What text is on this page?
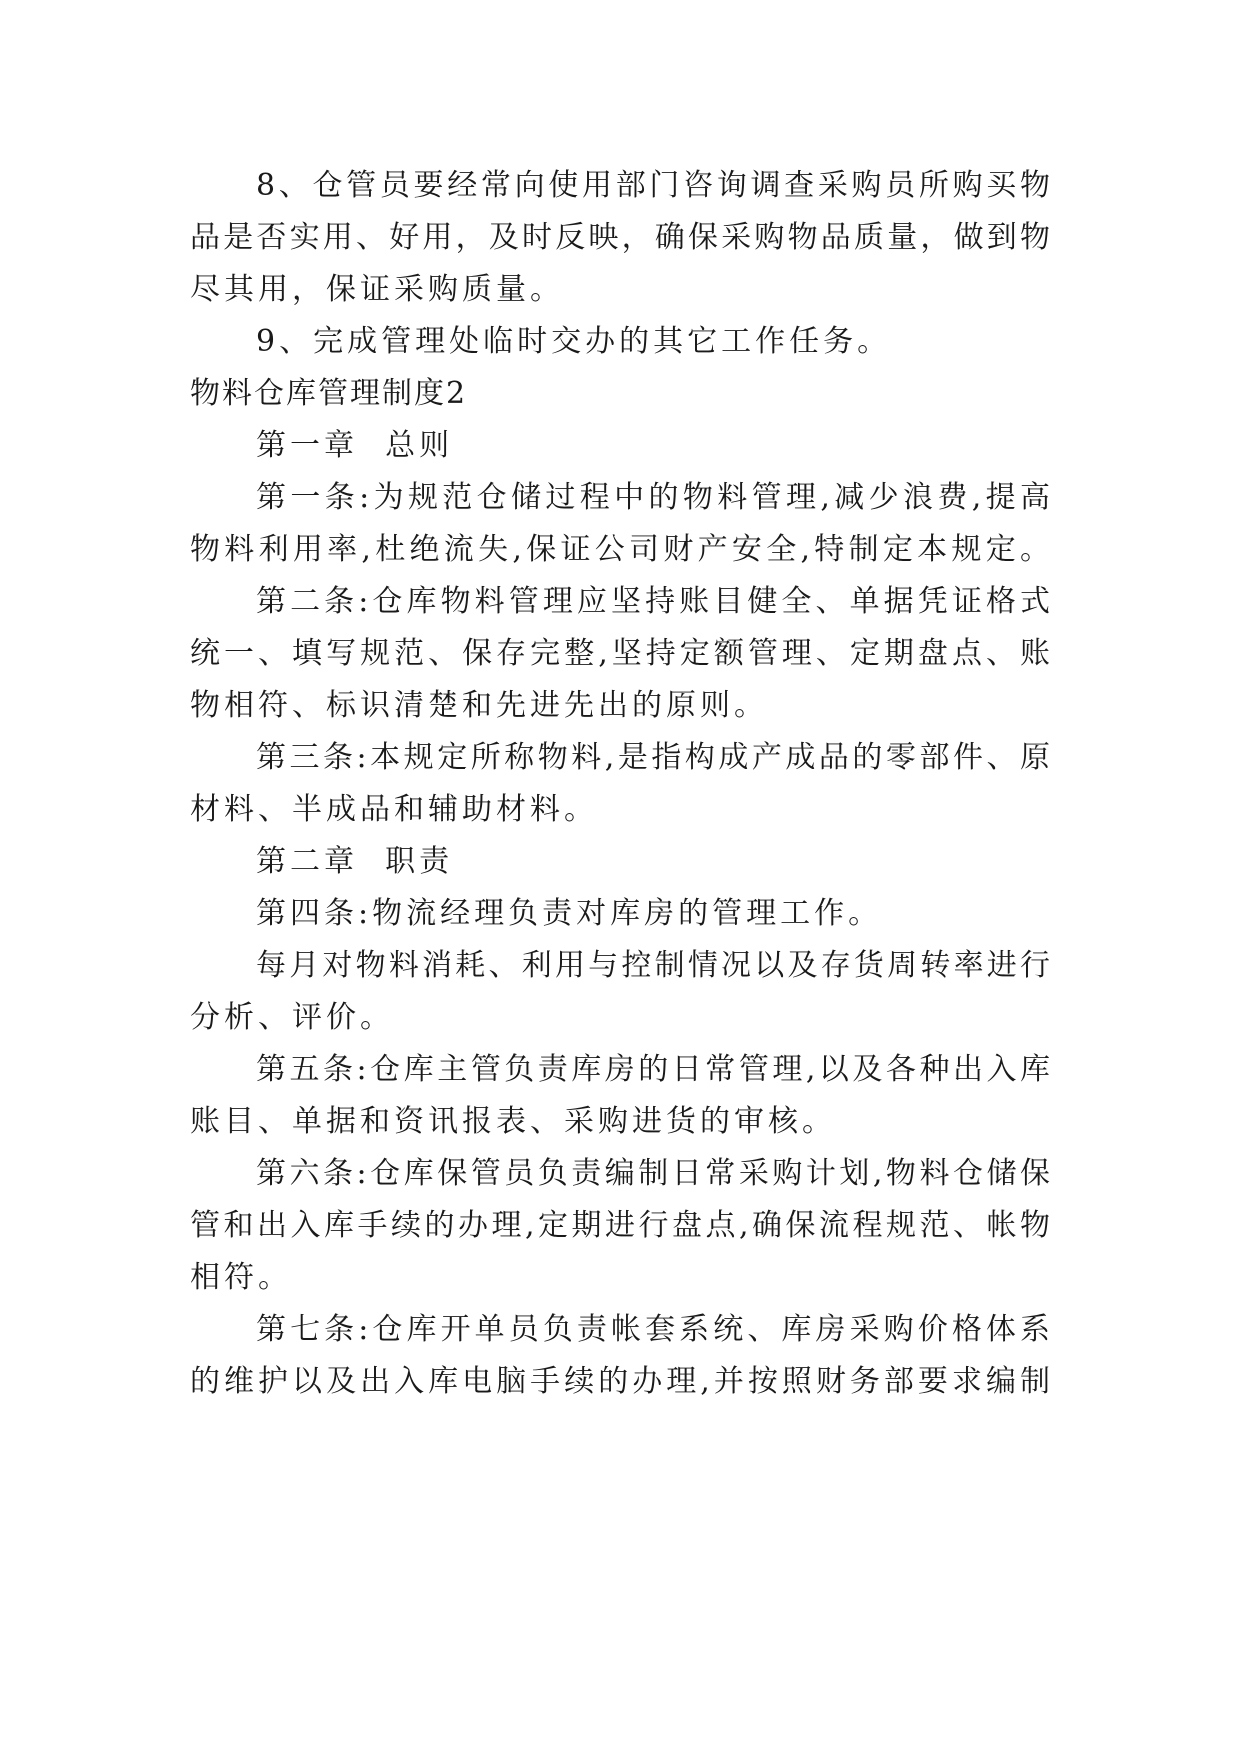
8、仓管员要经常向使用部门咨询调查采购员所购买物
品是否实用、好用，及时反映，确保采购物品质量，做到物
尽其用，保证采购质量。
9、完成管理处临时交办的其它工作任务。
物料仓库管理制度2
第一章  总则
第一条:为规范仓储过程中的物料管理,减少浪费,提高
物料利用率,杜绝流失,保证公司财产安全,特制定本规定。
第二条:仓库物料管理应坚持账目健全、单据凭证格式
统一、填写规范、保存完整,坚持定额管理、定期盘点、账
物相符、标识清楚和先进先出的原则。
第三条:本规定所称物料,是指构成产成品的零部件、原
材料、半成品和辅助材料。
第二章  职责
第四条:物流经理负责对库房的管理工作。
每月对物料消耗、利用与控制情况以及存货周转率进行
分析、评价。
第五条:仓库主管负责库房的日常管理,以及各种出入库
账目、单据和资讯报表、采购进货的审核。
第六条:仓库保管员负责编制日常采购计划,物料仓储保
管和出入库手续的办理,定期进行盘点,确保流程规范、帐物
相符。
第七条:仓库开单员负责帐套系统、库房采购价格体系
的维护以及出入库电脑手续的办理,并按照财务部要求编制
